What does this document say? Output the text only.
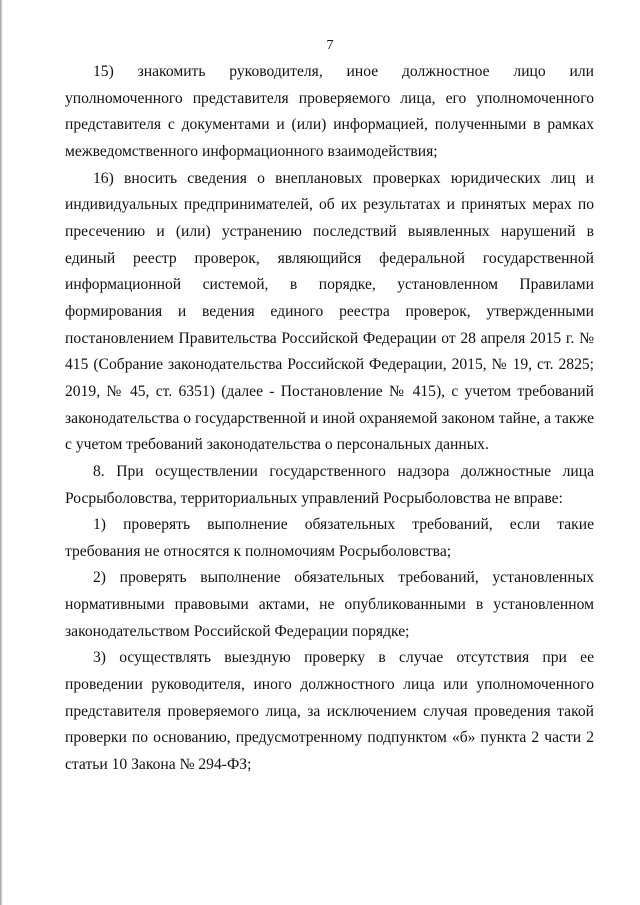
7

15) знакомить руководителя, иное должностное лицо или уполномоченного представителя проверяемого лица, его уполномоченного представителя с документами и (или) информацией, полученными в рамках межведомственного информационного взаимодействия;

16) вносить сведения о внеплановых проверках юридических лиц и индивидуальных предпринимателей, об их результатах и принятых мерах по пресечению и (или) устранению последствий выявленных нарушений в единый реестр проверок, являющийся федеральной государственной информационной системой, в порядке, установленном Правилами формирования и ведения единого реестра проверок, утвержденными постановлением Правительства Российской Федерации от 28 апреля 2015 г. № 415 (Собрание законодательства Российской Федерации, 2015, № 19, ст. 2825; 2019, № 45, ст. 6351) (далее - Постановление № 415), с учетом требований законодательства о государственной и иной охраняемой законом тайне, а также с учетом требований законодательства о персональных данных.

8. При осуществлении государственного надзора должностные лица Росрыболовства, территориальных управлений Росрыболовства не вправе:

1) проверять выполнение обязательных требований, если такие требования не относятся к полномочиям Росрыболовства;

2) проверять выполнение обязательных требований, установленных нормативными правовыми актами, не опубликованными в установленном законодательством Российской Федерации порядке;

3) осуществлять выездную проверку в случае отсутствия при ее проведении руководителя, иного должностного лица или уполномоченного представителя проверяемого лица, за исключением случая проведения такой проверки по основанию, предусмотренному подпунктом «б» пункта 2 части 2 статьи 10 Закона № 294-ФЗ;
